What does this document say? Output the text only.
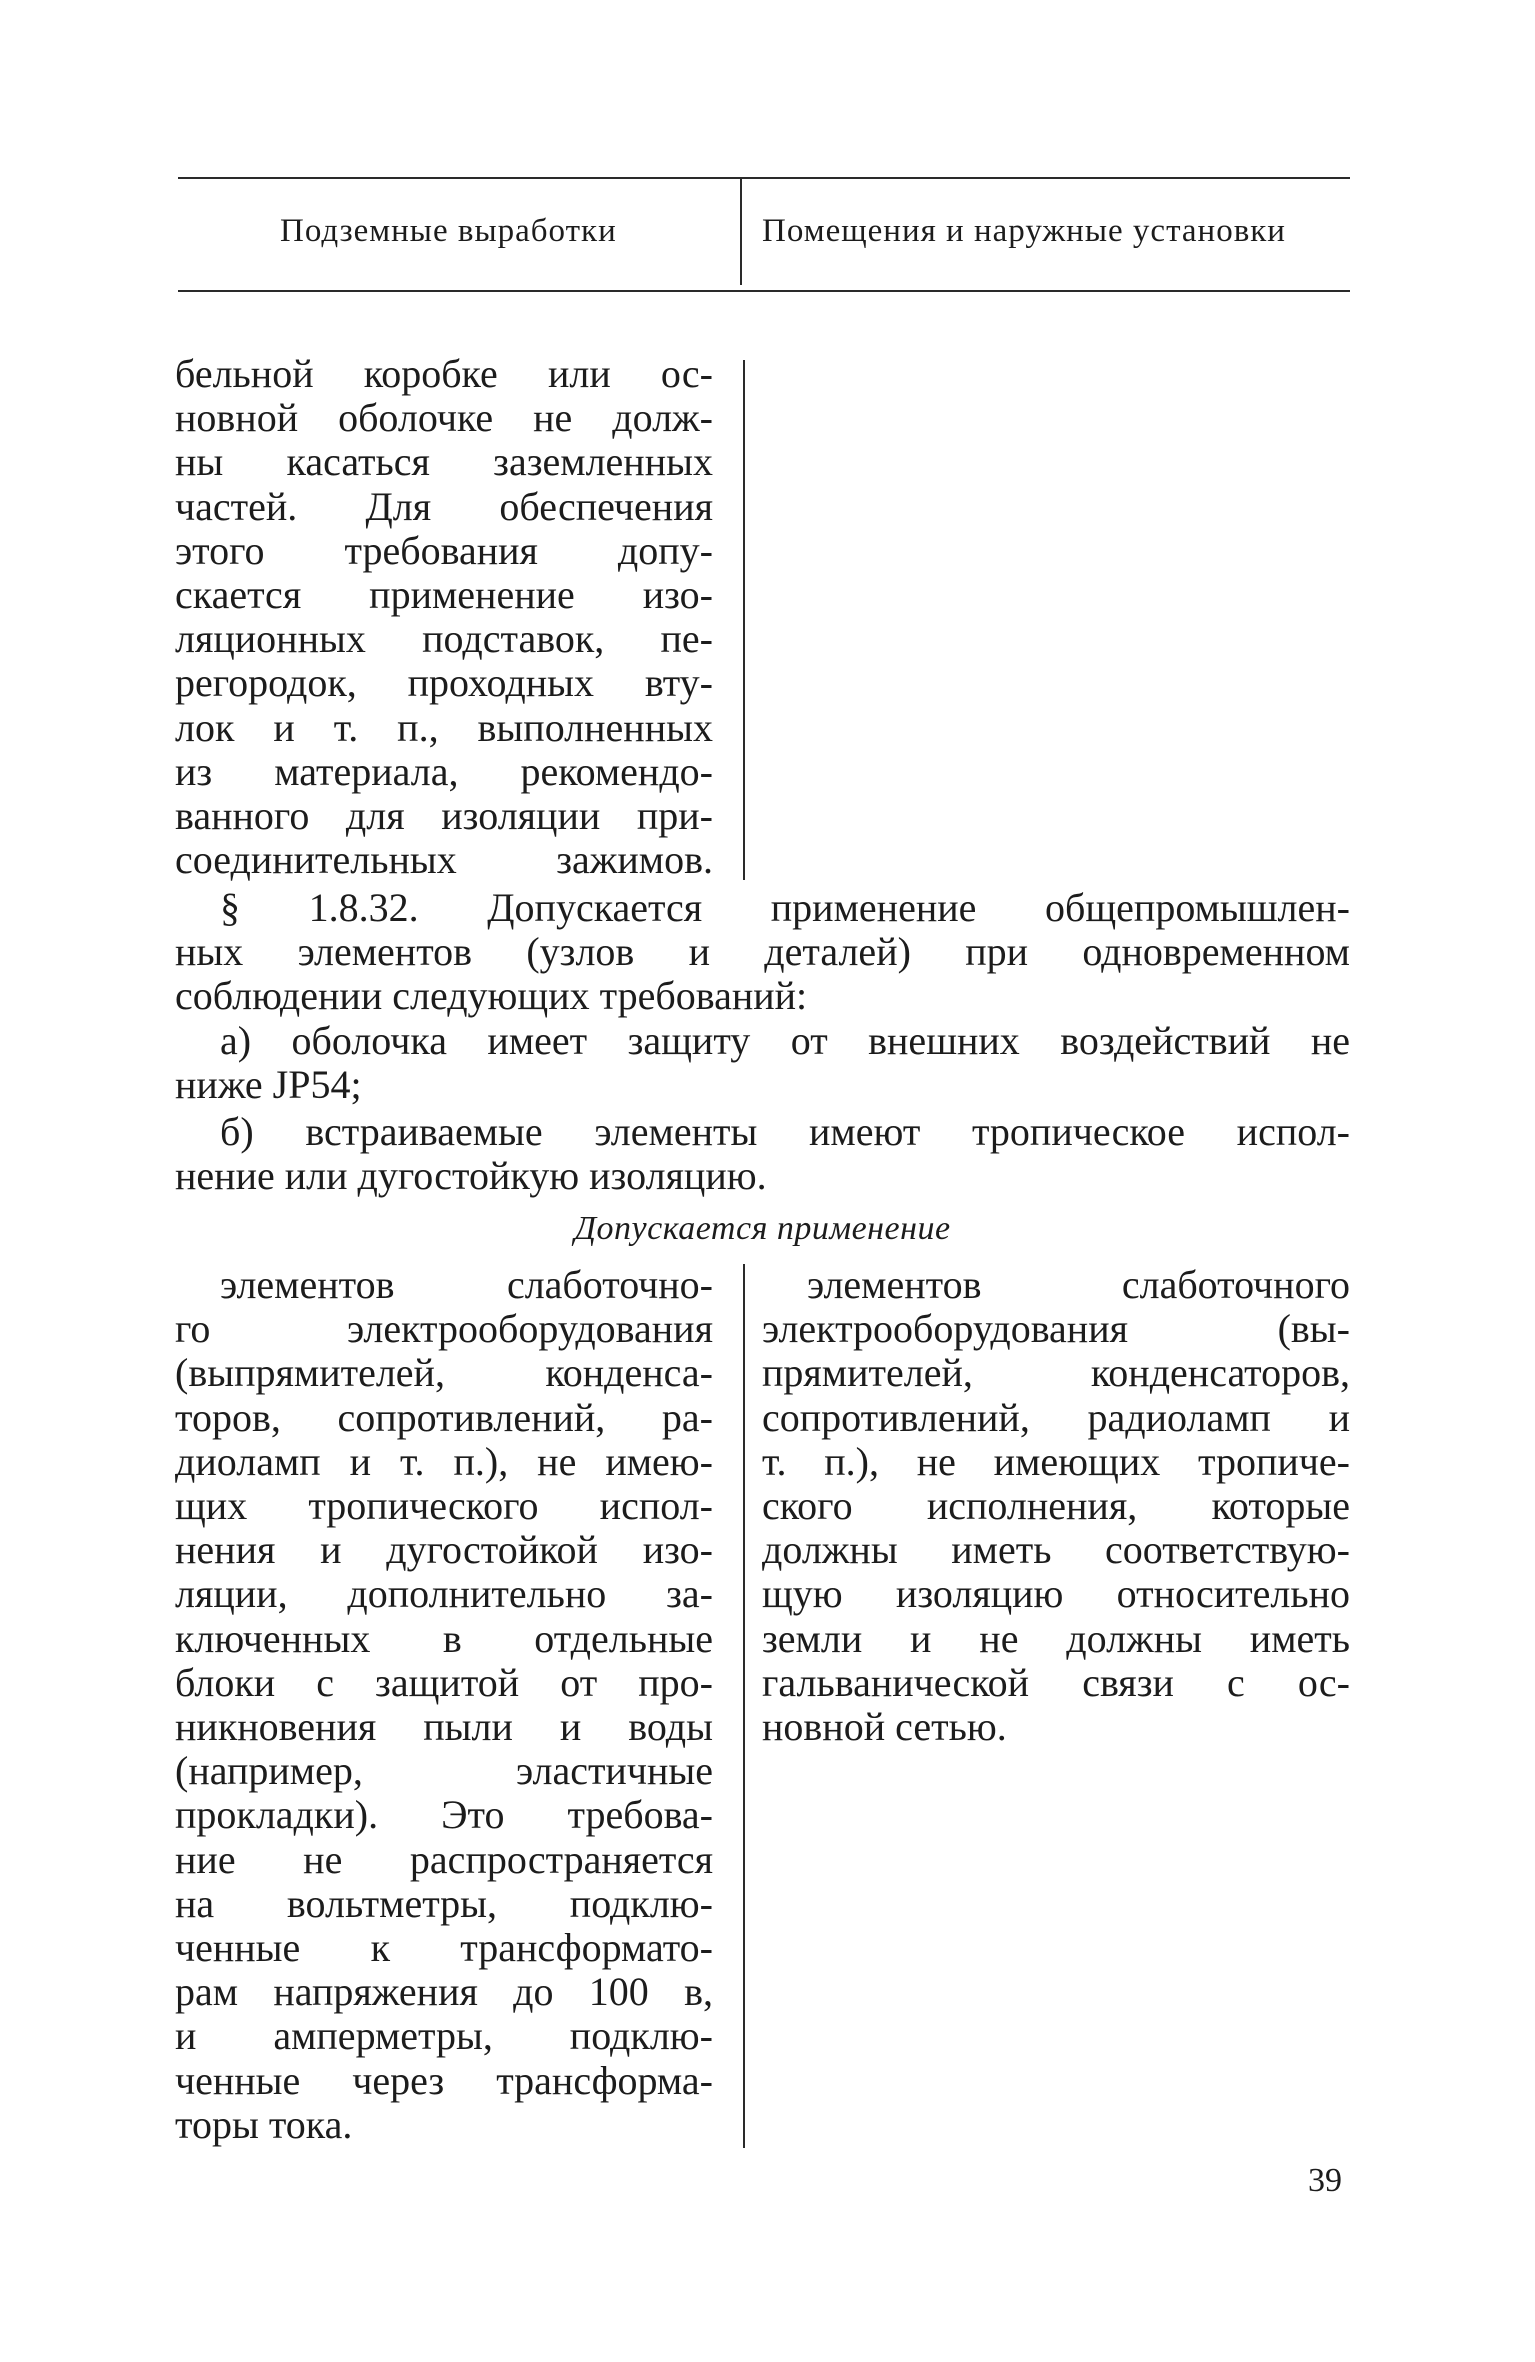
Подземные выработки	Помещения и наружные установки
бельной коробке или ос-
новной оболочке не долж-
ны касаться заземленных
частей. Для обеспечения
этого требования допу-
скается применение изо-
ляционных подставок, пе-
регородок, проходных вту-
лок и т. п., выполненных
из материала, рекомендо-
ванного для изоляции при-
соединительных зажимов.
§ 1.8.32. Допускается применение общепромышлен-
ных элементов (узлов и деталей) при одновременном
соблюдении следующих требований:
а) оболочка имеет защиту от внешних воздействий не
ниже JP54;
б) встраиваемые элементы имеют тропическое испол-
нение или дугостойкую изоляцию.
Допускается применение
элементов слаботочно-
го электрооборудования
(выпрямителей, конденса-
торов, сопротивлений, ра-
диоламп и т. п.), не имею-
щих тропического испол-
нения и дугостойкой изо-
ляции, дополнительно за-
ключенных в отдельные
блоки с защитой от про-
никновения пыли и воды
(например, эластичные
прокладки). Это требова-
ние не распространяется
на вольтметры, подклю-
ченные к трансформато-
рам напряжения до 100 в,
и амперметры, подклю-
ченные через трансформа-
торы тока.
элементов слаботочного
электрооборудования (вы-
прямителей, конденсаторов,
сопротивлений, радиоламп и
т. п.), не имеющих тропиче-
ского исполнения, которые
должны иметь соответствую-
щую изоляцию относительно
земли и не должны иметь
гальванической связи с ос-
новной сетью.
39
